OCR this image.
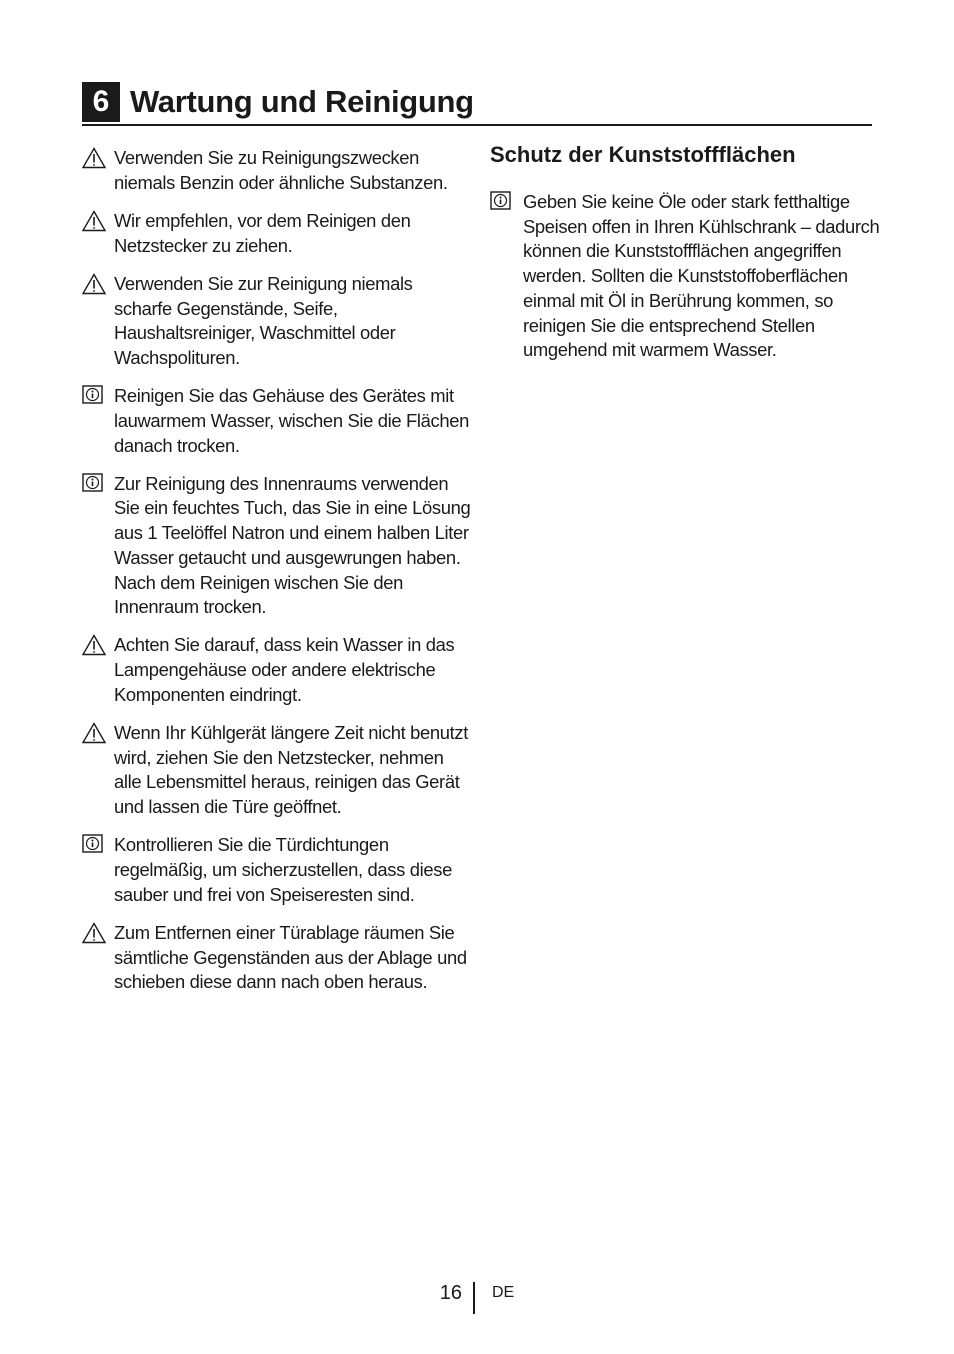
6 Wartung und Reinigung
Verwenden Sie zu Reinigungszwecken niemals Benzin oder ähnliche Substanzen.
Wir empfehlen, vor dem Reinigen den Netzstecker zu ziehen.
Verwenden Sie zur Reinigung niemals scharfe Gegenstände, Seife, Haushaltsreiniger, Waschmittel oder Wachspolituren.
Reinigen Sie das Gehäuse des Gerätes mit lauwarmem Wasser, wischen Sie die Flächen danach trocken.
Zur Reinigung des Innenraums verwenden Sie ein feuchtes Tuch, das Sie in eine Lösung aus 1 Teelöffel Natron und einem halben Liter Wasser getaucht und ausgewrungen haben. Nach dem Reinigen wischen Sie den Innenraum trocken.
Achten Sie darauf, dass kein Wasser in das Lampengehäuse oder andere elektrische Komponenten eindringt.
Wenn Ihr Kühlgerät längere Zeit nicht benutzt wird, ziehen Sie den Netzstecker, nehmen alle Lebensmittel heraus, reinigen das Gerät und lassen die Türe geöffnet.
Kontrollieren Sie die Türdichtungen regelmäßig, um sicherzustellen, dass diese sauber und frei von Speiseresten sind.
Zum Entfernen einer Türablage räumen Sie sämtliche Gegenständen aus der Ablage und schieben diese dann nach oben heraus.
Schutz der Kunststoffflächen
Geben Sie keine Öle oder stark fetthaltige Speisen offen in Ihren Kühlschrank – dadurch können die Kunststoffflächen angegriffen werden. Sollten die Kunststoffoberflächen einmal mit Öl in Berührung kommen, so reinigen Sie die entsprechend Stellen umgehend mit warmem Wasser.
16 DE
